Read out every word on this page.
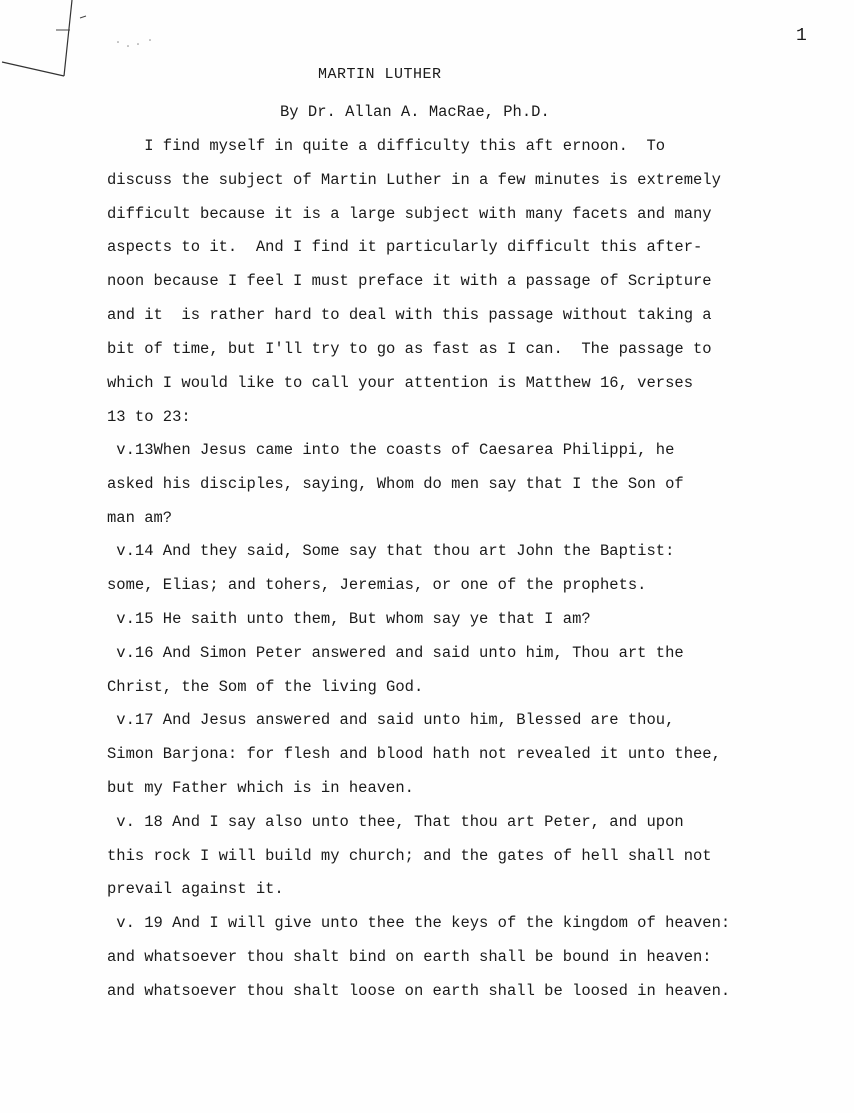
1
MARTIN LUTHER
By Dr. Allan A. MacRae, Ph.D.
I find myself in quite a difficulty this aft ernoon.  To
discuss the subject of Martin Luther in a few minutes is extremely
difficult because it is a large subject with many facets and many
aspects to it.  And I find it particularly difficult this after-
noon because I feel I must preface it with a passage of Scripture
and it  is rather hard to deal with this passage without taking a
bit of time, but I'll try to go as fast as I can.  The passage to
which I would like to call your attention is Matthew 16, verses
13 to 23:
v.13When Jesus came into the coasts of Caesarea Philippi, he
asked his disciples, saying, Whom do men say that I the Son of
man am?
v.14 And they said, Some say that thou art John the Baptist:
some, Elias; and tohers, Jeremias, or one of the prophets.
v.15 He saith unto them, But whom say ye that I am?
v.16 And Simon Peter answered and said unto him, Thou art the
Christ, the Som of the living God.
v.17 And Jesus answered and said unto him, Blessed are thou,
Simon Barjona: for flesh and blood hath not revealed it unto thee,
but my Father which is in heaven.
v. 18 And I say also unto thee, That thou art Peter, and upon
this rock I will build my church; and the gates of hell shall not
prevail against it.
v. 19 And I will give unto thee the keys of the kingdom of heaven:
and whatsoever thou shalt bind on earth shall be bound in heaven:
and whatsoever thou shalt loose on earth shall be loosed in heaven.
